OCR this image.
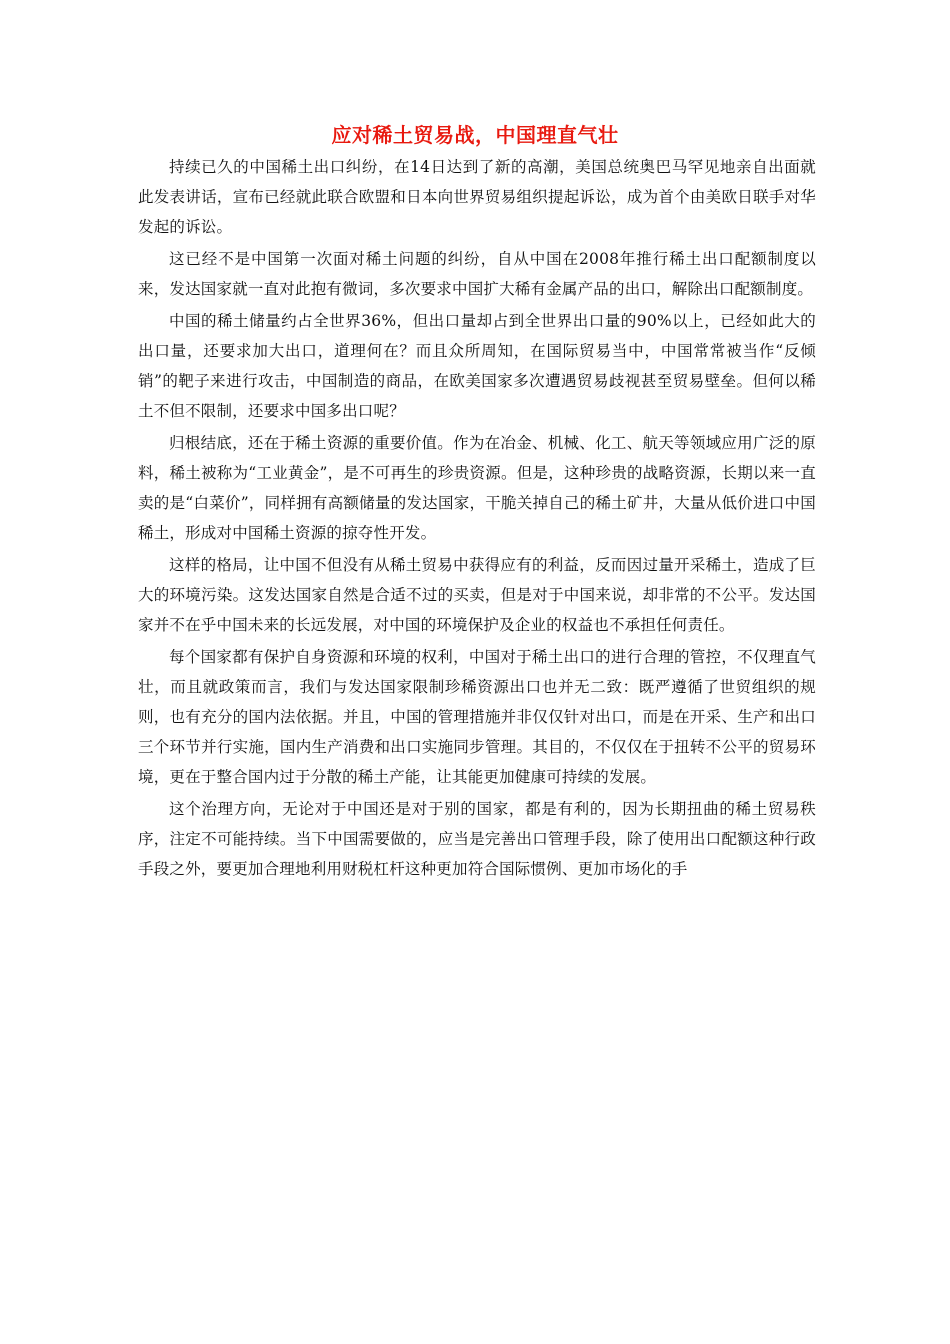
应对稀土贸易战，中国理直气壮

持续已久的中国稀土出口纠纷，在14日达到了新的高潮，美国总统奥巴马罕见地亲自出面就此发表讲话，宣布已经就此联合欧盟和日本向世界贸易组织提起诉讼，成为首个由美欧日联手对华发起的诉讼。

这已经不是中国第一次面对稀土问题的纠纷，自从中国在2008年推行稀土出口配额制度以来，发达国家就一直对此抱有微词，多次要求中国扩大稀有金属产品的出口，解除出口配额制度。

中国的稀土储量约占全世界36%，但出口量却占到全世界出口量的90%以上，已经如此大的出口量，还要求加大出口，道理何在？而且众所周知，在国际贸易当中，中国常常被当作“反倾销”的靶子来进行攻击，中国制造的商品，在欧美国家多次遭遇贸易歧视甚至贸易壁垒。但何以稀土不但不限制，还要求中国多出口呢？

归根结底，还在于稀土资源的重要价值。作为在冶金、机械、化工、航天等领域应用广泛的原料，稀土被称为“工业黄金”，是不可再生的珍贵资源。但是，这种珍贵的战略资源，长期以来一直卖的是“白菜价”，同样拥有高额储量的发达国家，干脆关掉自己的稀土矿井，大量从低价进口中国稀土，形成对中国稀土资源的掠夺性开发。

这样的格局，让中国不但没有从稀土贸易中获得应有的利益，反而因过量开采稀土，造成了巨大的环境污染。这发达国家自然是合适不过的买卖，但是对于中国来说，却非常的不公平。发达国家并不在乎中国未来的长远发展，对中国的环境保护及企业的权益也不承担任何责任。

每个国家都有保护自身资源和环境的权利，中国对于稀土出口的进行合理的管控，不仅理直气壮，而且就政策而言，我们与发达国家限制珍稀资源出口也并无二致：既严遵循了世贸组织的规则，也有充分的国内法依据。并且，中国的管理措施并非仅仅针对出口，而是在开采、生产和出口三个环节并行实施，国内生产消费和出口实施同步管理。其目的，不仅仅在于扭转不公平的贸易环境，更在于整合国内过于分散的稀土产能，让其能更加健康可持续的发展。

这个治理方向，无论对于中国还是对于别的国家，都是有利的，因为长期扭曲的稀土贸易秩序，注定不可能持续。当下中国需要做的，应当是完善出口管理手段，除了使用出口配额这种行政手段之外，要更加合理地利用财税杠杆这种更加符合国际惯例、更加市场化的手
